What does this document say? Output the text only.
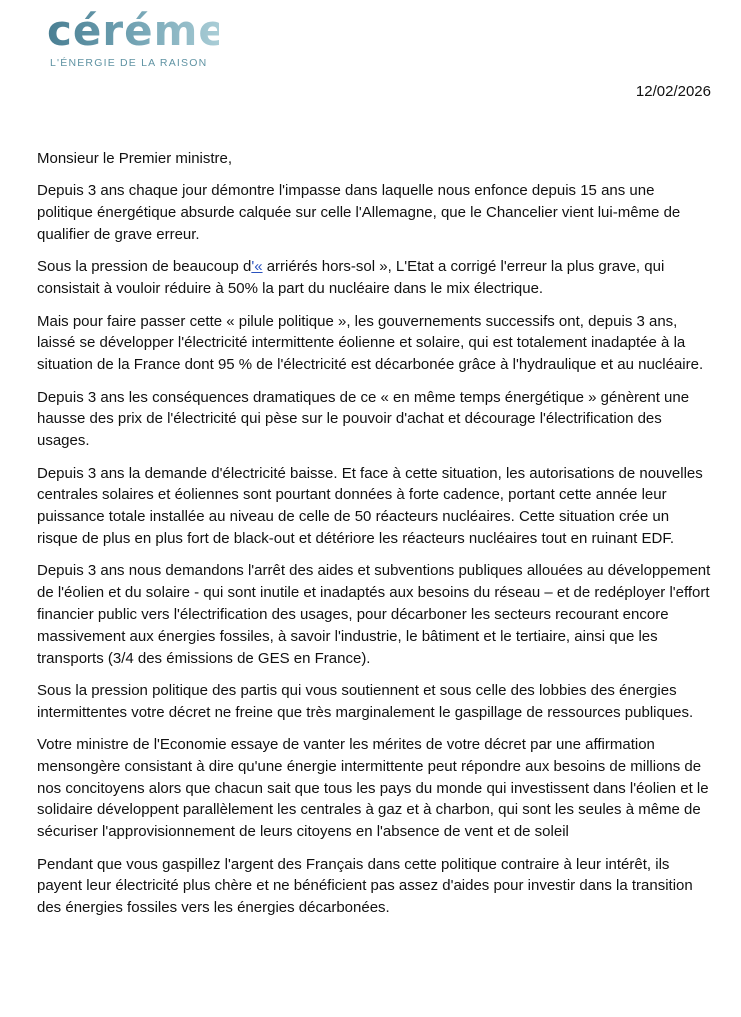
céréme
L'ÉNERGIE DE LA RAISON
12/02/2026

Monsieur le Premier ministre,

Depuis 3 ans chaque jour démontre l'impasse dans laquelle nous enfonce depuis 15 ans une politique énergétique absurde calquée sur celle l'Allemagne, que le Chancelier vient lui-même de qualifier de grave erreur.

Sous la pression de beaucoup d'« arriérés hors-sol », L'Etat a corrigé l'erreur la plus grave, qui consistait à vouloir réduire à 50% la part du nucléaire dans le mix électrique.

Mais pour faire passer cette « pilule politique », les gouvernements successifs ont, depuis 3 ans, laissé se développer l'électricité intermittente éolienne et solaire, qui est totalement inadaptée à la situation de la France dont 95 % de l'électricité est décarbonée grâce à l'hydraulique et au nucléaire.

Depuis 3 ans les conséquences dramatiques de ce « en même temps énergétique » génèrent une hausse des prix de l'électricité qui pèse sur le pouvoir d'achat et décourage l'électrification des usages.

Depuis 3 ans la demande d'électricité baisse. Et face à cette situation, les autorisations de nouvelles centrales solaires et éoliennes sont pourtant données à forte cadence, portant cette année leur puissance totale installée au niveau de celle de 50 réacteurs nucléaires. Cette situation crée un risque de plus en plus fort de black-out et détériore les réacteurs nucléaires tout en ruinant EDF.

Depuis 3 ans nous demandons l'arrêt des aides et subventions publiques allouées au développement de l'éolien et du solaire - qui sont inutile et inadaptés aux besoins du réseau – et de redéployer l'effort financier public vers l'électrification des usages, pour décarboner les secteurs recourant encore massivement aux énergies fossiles, à savoir l'industrie, le bâtiment et le tertiaire, ainsi que les transports (3/4 des émissions de GES en France).

Sous la pression politique des partis qui vous soutiennent et sous celle des lobbies des énergies intermittentes votre décret ne freine que très marginalement le gaspillage de ressources publiques.

Votre ministre de l'Economie essaye de vanter les mérites de votre décret par une affirmation mensongère consistant à dire qu'une énergie intermittente peut répondre aux besoins de millions de nos concitoyens alors que chacun sait que tous les pays du monde qui investissent dans l'éolien et le solidaire développent parallèlement les centrales à gaz et à charbon, qui sont les seules à même de sécuriser l'approvisionnement de leurs citoyens en l'absence de vent et de soleil

Pendant que vous gaspillez l'argent des Français dans cette politique contraire à leur intérêt, ils payent leur électricité plus chère et ne bénéficient pas assez d'aides pour investir dans la transition des énergies fossiles vers les énergies décarbonées.
